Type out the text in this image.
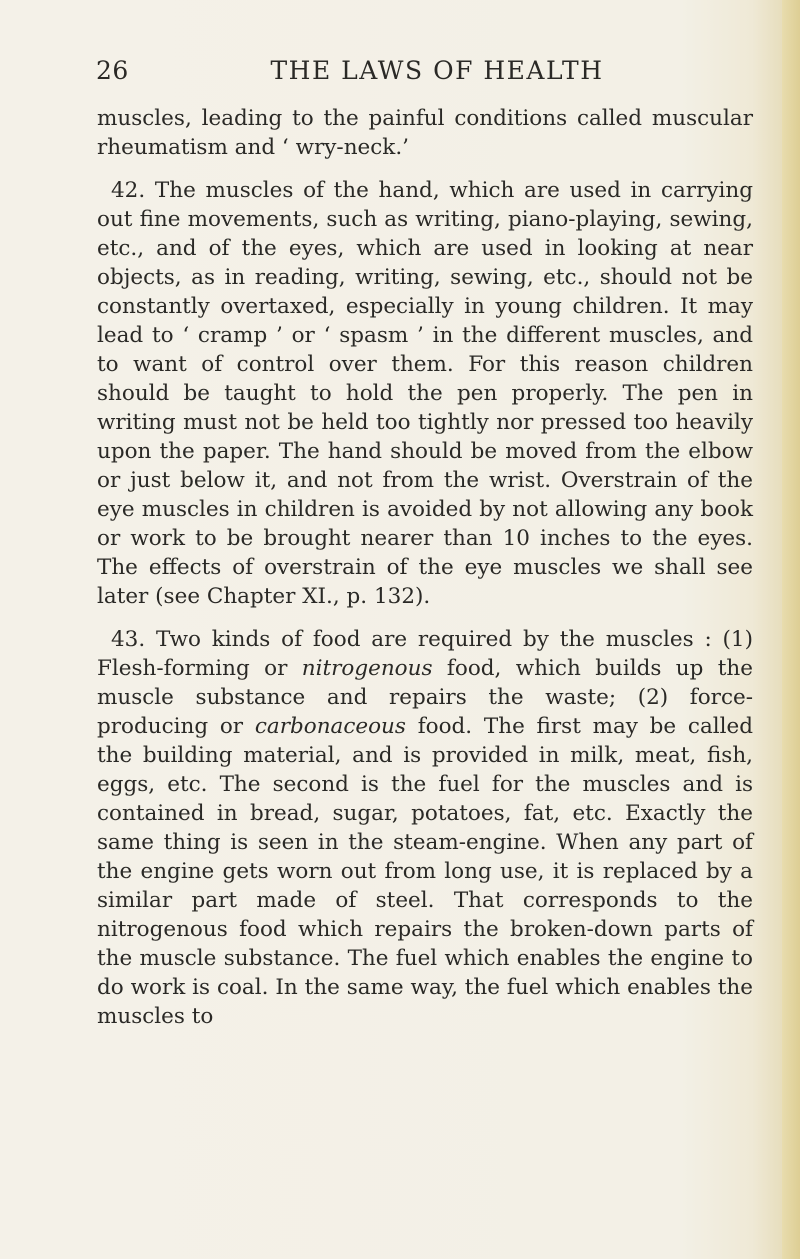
26	THE LAWS OF HEALTH

muscles, leading to the painful conditions called muscular rheumatism and ‘ wry-neck.’

42. The muscles of the hand, which are used in carrying out fine movements, such as writing, piano-playing, sewing, etc., and of the eyes, which are used in looking at near objects, as in reading, writing, sewing, etc., should not be constantly overtaxed, especially in young children. It may lead to ‘ cramp ’ or ‘ spasm ’ in the different muscles, and to want of control over them. For this reason children should be taught to hold the pen properly. The pen in writing must not be held too tightly nor pressed too heavily upon the paper. The hand should be moved from the elbow or just below it, and not from the wrist. Overstrain of the eye muscles in children is avoided by not allowing any book or work to be brought nearer than 10 inches to the eyes. The effects of overstrain of the eye muscles we shall see later (see Chapter XI., p. 132).

43. Two kinds of food are required by the muscles : (1) Flesh-forming or nitrogenous food, which builds up the muscle substance and repairs the waste; (2) force-producing or carbonaceous food. The first may be called the building material, and is provided in milk, meat, fish, eggs, etc. The second is the fuel for the muscles and is contained in bread, sugar, potatoes, fat, etc. Exactly the same thing is seen in the steam-engine. When any part of the engine gets worn out from long use, it is replaced by a similar part made of steel. That corresponds to the nitrogenous food which repairs the broken-down parts of the muscle substance. The fuel which enables the engine to do work is coal. In the same way, the fuel which enables the muscles to
